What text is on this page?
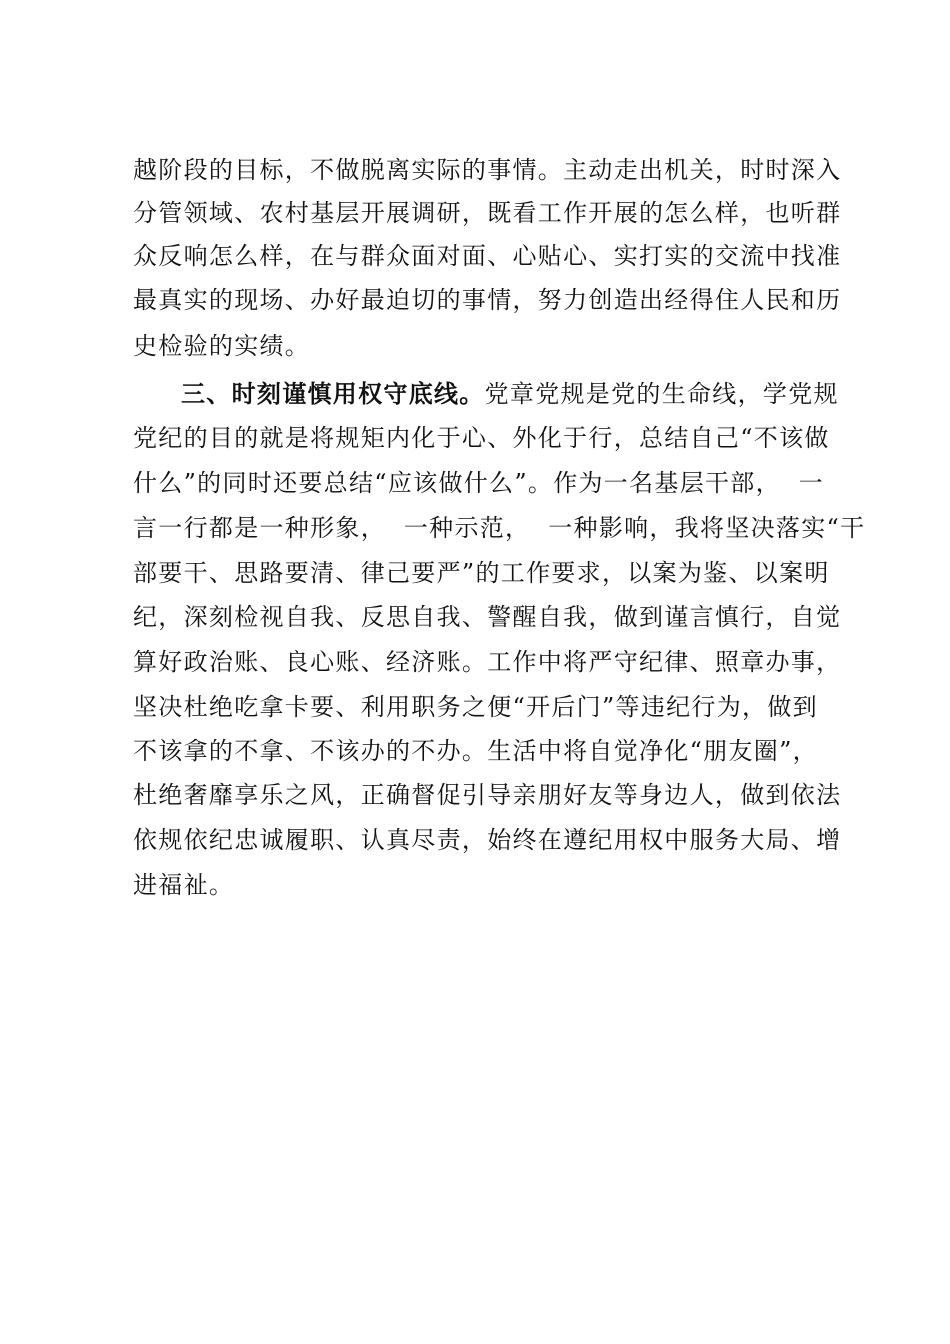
越阶段的目标，不做脱离实际的事情。主动走出机关，时时深入
分管领域、农村基层开展调研，既看工作开展的怎么样，也听群
众反响怎么样，在与群众面对面、心贴心、实打实的交流中找准
最真实的现场、办好最迫切的事情，努力创造出经得住人民和历
史检验的实绩。
三、时刻谨慎用权守底线。党章党规是党的生命线，学党规
党纪的目的就是将规矩内化于心、外化于行，总结自己“不该做
什么”的同时还要总结“应该做什么”。作为一名基层干部，  一
言一行都是一种形象，  一种示范，  一种影响，我将坚决落实“干
部要干、思路要清、律己要严”的工作要求，以案为鉴、以案明
纪，深刻检视自我、反思自我、警醒自我，做到谨言慎行，自觉
算好政治账、良心账、经济账。工作中将严守纪律、照章办事，
坚决杜绝吃拿卡要、利用职务之便“开后门”等违纪行为，做到
不该拿的不拿、不该办的不办。生活中将自觉净化“朋友圈”，
杜绝奢靡享乐之风，正确督促引导亲朋好友等身边人，做到依法
依规依纪忠诚履职、认真尽责，始终在遵纪用权中服务大局、增
进福祉。
